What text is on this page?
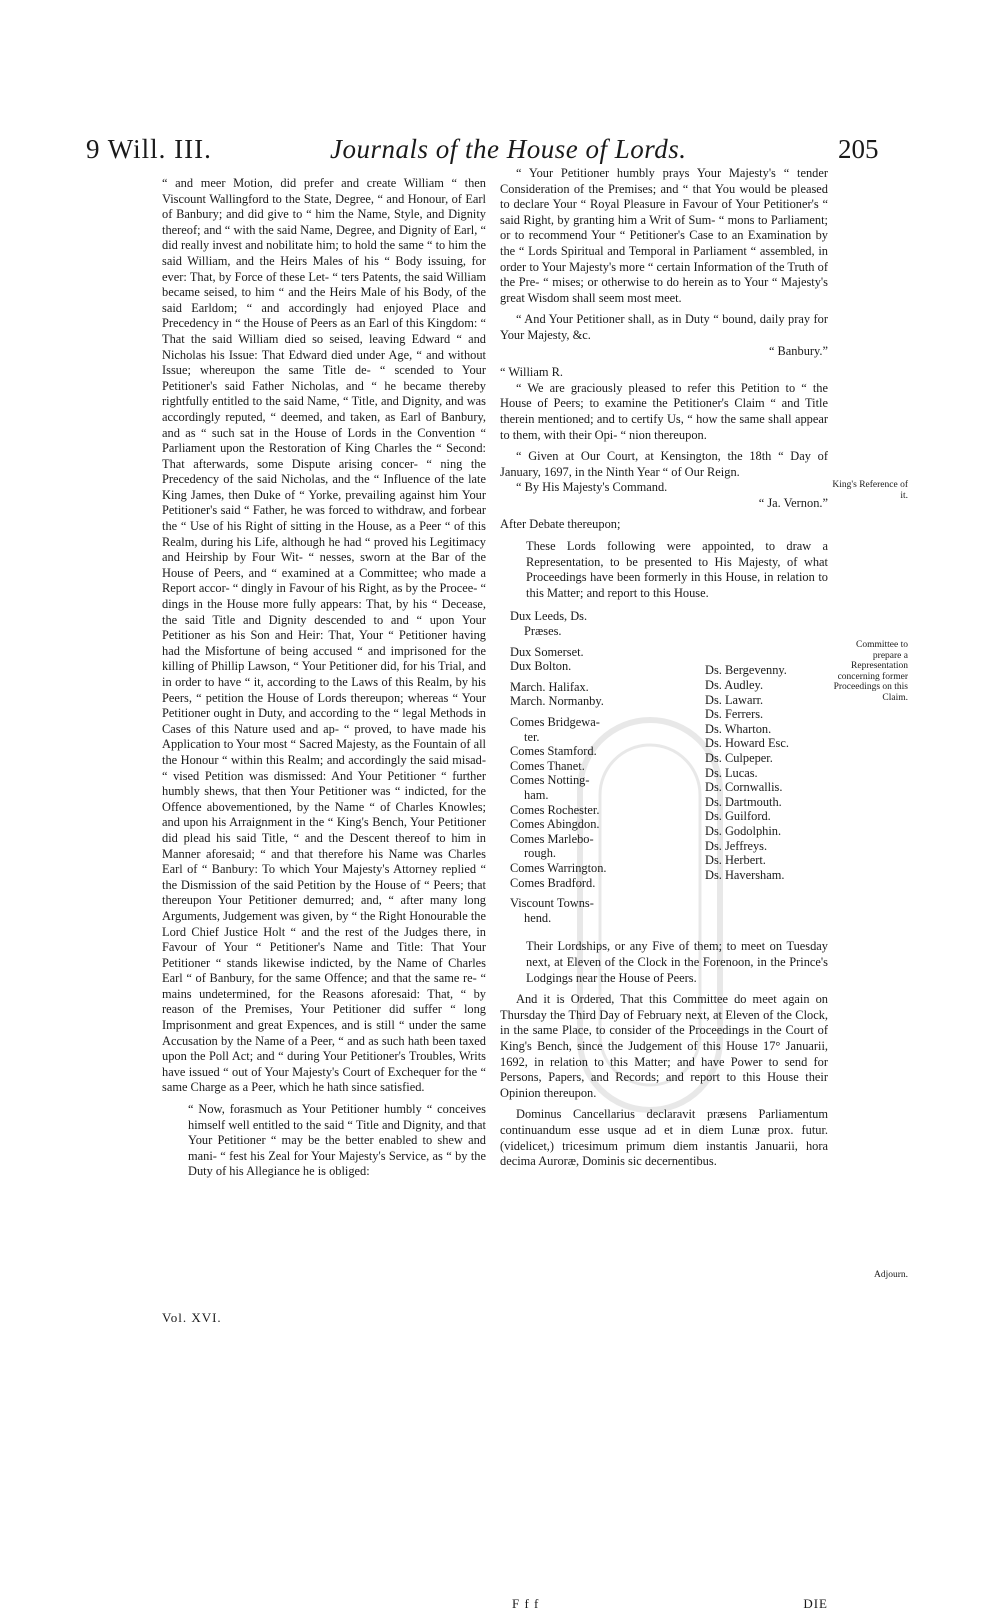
9 Will. III.	Journals of the House of Lords.	205

“ and meer Motion, did prefer and create William “ then Viscount Wallingford to the State, Degree, “ and Honour, of Earl of Banbury; and did give to “ him the Name, Style, and Dignity thereof; and “ with the said Name, Degree, and Dignity of Earl, “ did really invest and nobilitate him; to hold the same “ to him the said William, and the Heirs Males of his “ Body issuing, for ever: That, by Force of these Let- “ ters Patents, the said William became seised, to him “ and the Heirs Male of his Body, of the said Earldom; “ and accordingly had enjoyed Place and Precedency in “ the House of Peers as an Earl of this Kingdom: “ That the said William died so seised, leaving Edward “ and Nicholas his Issue: That Edward died under Age, “ and without Issue; whereupon the same Title de- “ scended to Your Petitioner's said Father Nicholas, and “ he became thereby rightfully entitled to the said Name, “ Title, and Dignity, and was accordingly reputed, “ deemed, and taken, as Earl of Banbury, and as “ such sat in the House of Lords in the Convention “ Parliament upon the Restoration of King Charles the “ Second: That afterwards, some Dispute arising concer- “ ning the Precedency of the said Nicholas, and the “ Influence of the late King James, then Duke of “ Yorke, prevailing against him Your Petitioner's said “ Father, he was forced to withdraw, and forbear the “ Use of his Right of sitting in the House, as a Peer “ of this Realm, during his Life, although he had “ proved his Legitimacy and Heirship by Four Wit- “ nesses, sworn at the Bar of the House of Peers, and “ examined at a Committee; who made a Report accor- “ dingly in Favour of his Right, as by the Procee- “ dings in the House more fully appears: That, by his “ Decease, the said Title and Dignity descended to and “ upon Your Petitioner as his Son and Heir: That, Your “ Petitioner having had the Misfortune of being accused “ and imprisoned for the killing of Phillip Lawson, “ Your Petitioner did, for his Trial, and in order to have “ it, according to the Laws of this Realm, by his Peers, “ petition the House of Lords thereupon; whereas “ Your Petitioner ought in Duty, and according to the “ legal Methods in Cases of this Nature used and ap- “ proved, to have made his Application to Your most “ Sacred Majesty, as the Fountain of all the Honour “ within this Realm; and accordingly the said misad- “ vised Petition was dismissed: And Your Petitioner “ further humbly shews, that then Your Petitioner was “ indicted, for the Offence abovementioned, by the Name “ of Charles Knowles; and upon his Arraignment in the “ King's Bench, Your Petitioner did plead his said Title, “ and the Descent thereof to him in Manner aforesaid; “ and that therefore his Name was Charles Earl of “ Banbury: To which Your Majesty's Attorney replied “ the Dismission of the said Petition by the House of “ Peers; that thereupon Your Petitioner demurred; and, “ after many long Arguments, Judgement was given, by “ the Right Honourable the Lord Chief Justice Holt “ and the rest of the Judges there, in Favour of Your “ Petitioner's Name and Title: That Your Petitioner “ stands likewise indicted, by the Name of Charles Earl “ of Banbury, for the same Offence; and that the same re- “ mains undetermined, for the Reasons aforesaid: That, “ by reason of the Premises, Your Petitioner did suffer “ long Imprisonment and great Expences, and is still “ under the same Accusation by the Name of a Peer, “ and as such hath been taxed upon the Poll Act; and “ during Your Petitioner's Troubles, Writs have issued “ out of Your Majesty's Court of Exchequer for the “ same Charge as a Peer, which he hath since satisfied.

“ Now, forasmuch as Your Petitioner humbly “ conceives himself well entitled to the said “ Title and Dignity, and that Your Petitioner “ may be the better enabled to shew and mani- “ fest his Zeal for Your Majesty's Service, as “ by the Duty of his Allegiance he is obliged:

Vol. XVI.

“ Your Petitioner humbly prays Your Majesty's “ tender Consideration of the Premises; and “ that You would be pleased to declare Your “ Royal Pleasure in Favour of Your Petitioner's “ said Right, by granting him a Writ of Sum- “ mons to Parliament; or to recommend Your “ Petitioner's Case to an Examination by the “ Lords Spiritual and Temporal in Parliament “ assembled, in order to Your Majesty's more “ certain Information of the Truth of the Pre- “ mises; or otherwise to do herein as to Your “ Majesty's great Wisdom shall seem most meet.

“ And Your Petitioner shall, as in Duty “ bound, daily pray for Your Majesty, &c.

“ Banbury.”

“ William R.

“ We are graciously pleased to refer this Petition to “ the House of Peers; to examine the Petitioner's Claim “ and Title therein mentioned; and to certify Us, “ how the same shall appear to them, with their Opi- “ nion thereupon.

“ Given at Our Court, at Kensington, the 18th “ Day of January, 1697, in the Ninth Year “ of Our Reign.

“ By His Majesty's Command.

“ Ja. Vernon.”

After Debate thereupon;

These Lords following were appointed, to draw a Representation, to be presented to His Majesty, of what Proceedings have been formerly in this House, in relation to this Matter; and report to this House.

Dux Leeds, Ds.
Præses.
Dux Somerset.
Dux Bolton.
March. Halifax.
March. Normanby.
Comes Bridgewa-
ter.
Comes Stamford.
Comes Thanet.
Comes Notting-
ham.
Comes Rochester.
Comes Abingdon.
Comes Marlebo-
rough.
Comes Warrington.
Comes Bradford.
Viscount Towns-
hend.
Ds. Bergevenny.
Ds. Audley.
Ds. Lawarr.
Ds. Ferrers.
Ds. Wharton.
Ds. Howard Esc.
Ds. Culpeper.
Ds. Lucas.
Ds. Cornwallis.
Ds. Dartmouth.
Ds. Guilford.
Ds. Godolphin.
Ds. Jeffreys.
Ds. Herbert.
Ds. Haversham.

Their Lordships, or any Five of them; to meet on Tuesday next, at Eleven of the Clock in the Forenoon, in the Prince's Lodgings near the House of Peers.

And it is Ordered, That this Committee do meet again on Thursday the Third Day of February next, at Eleven of the Clock, in the same Place, to consider of the Proceedings in the Court of King's Bench, since the Judgement of this House 17° Januarii, 1692, in relation to this Matter; and have Power to send for Persons, Papers, and Records; and report to this House their Opinion thereupon.

Dominus Cancellarius declaravit præsens Parliamentum continuandum esse usque ad et in diem Lunæ prox. futur. (videlicet,) tricesimum primum diem instantis Januarii, hora decima Auroræ, Dominis sic decernentibus.

King's Reference of it.
Committee to prepare a Representation concerning former Proceedings on this Claim.
Adjourn.
F f f	DIE
